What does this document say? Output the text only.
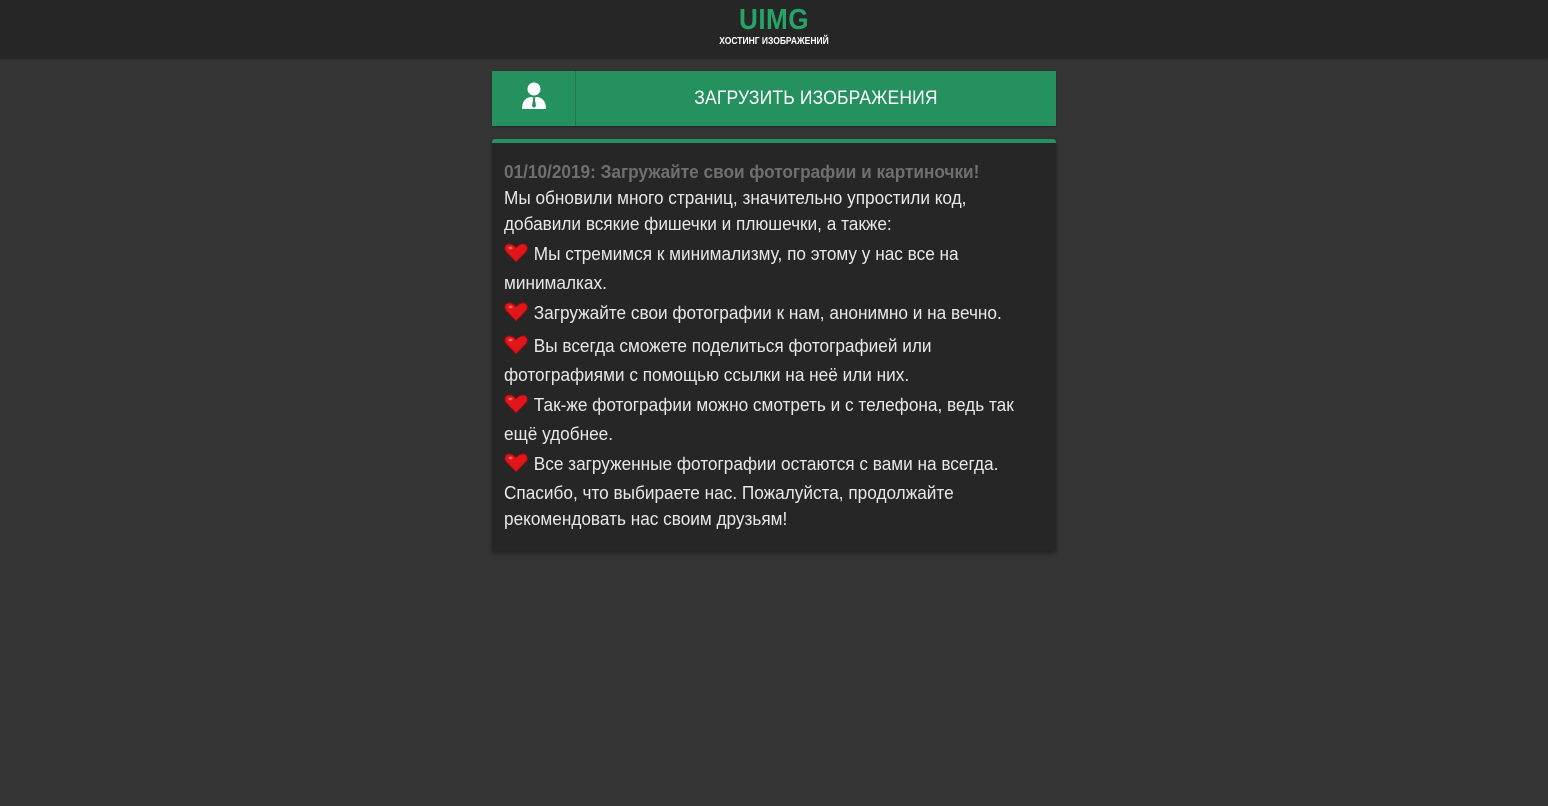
UIMG
ХОСТИНГ ИЗОБРАЖЕНИЙ
ЗАГРУЗИТЬ ИЗОБРАЖЕНИЯ
01/10/2019: Загружайте свои фотографии и картиночки!
Мы обновили много страниц, значительно упростили код, добавили всякие фишечки и плюшечки, а также:
Мы стремимся к минимализму, по этому у нас все на минималках.
Загружайте свои фотографии к нам, анонимно и на вечно.
Вы всегда сможете поделиться фотографией или фотографиями с помощью ссылки на неё или них.
Так-же фотографии можно смотреть и с телефона, ведь так ещё удобнее.
Все загруженные фотографии остаются с вами на всегда. Спасибо, что выбираете нас. Пожалуйста, продолжайте рекомендовать нас своим друзьям!
